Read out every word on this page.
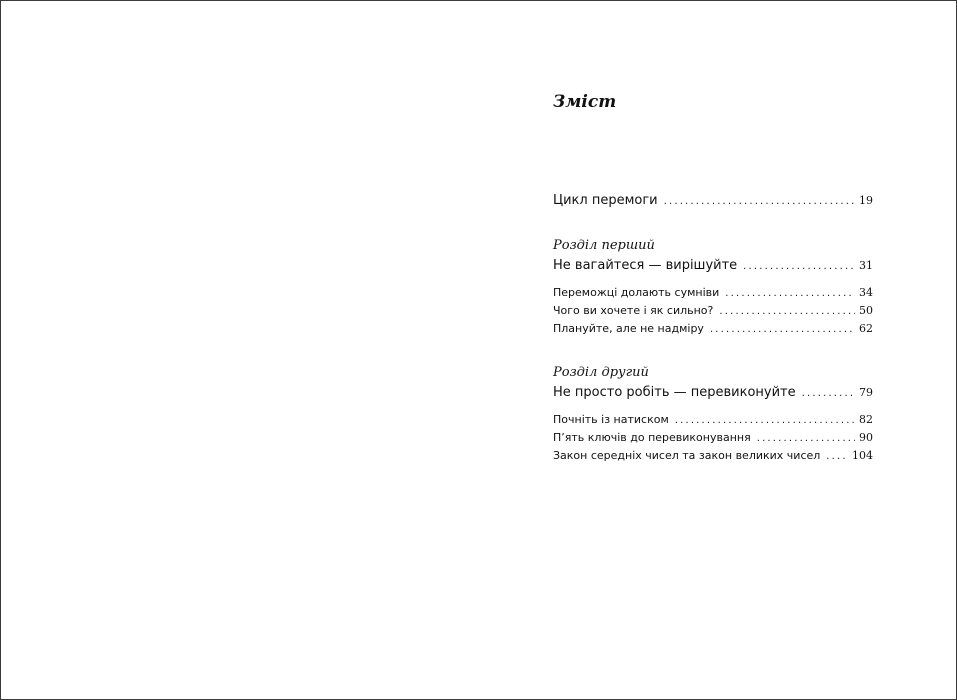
Зміст
Цикл перемоги . . .	19
Розділ перший
Не вагайтеся — вирішуйте . . .	31
Переможці долають сумніви . . .	34
Чого ви хочете і як сильно? . . .	50
Плануйте, але не надміру . . .	62
Розділ другий
Не просто робіть — перевиконуйте . . .	79
Почніть із натиском . . .	82
П’ять ключів до перевиконування . . .	90
Закон середніх чисел та закон великих чисел . . .	104
